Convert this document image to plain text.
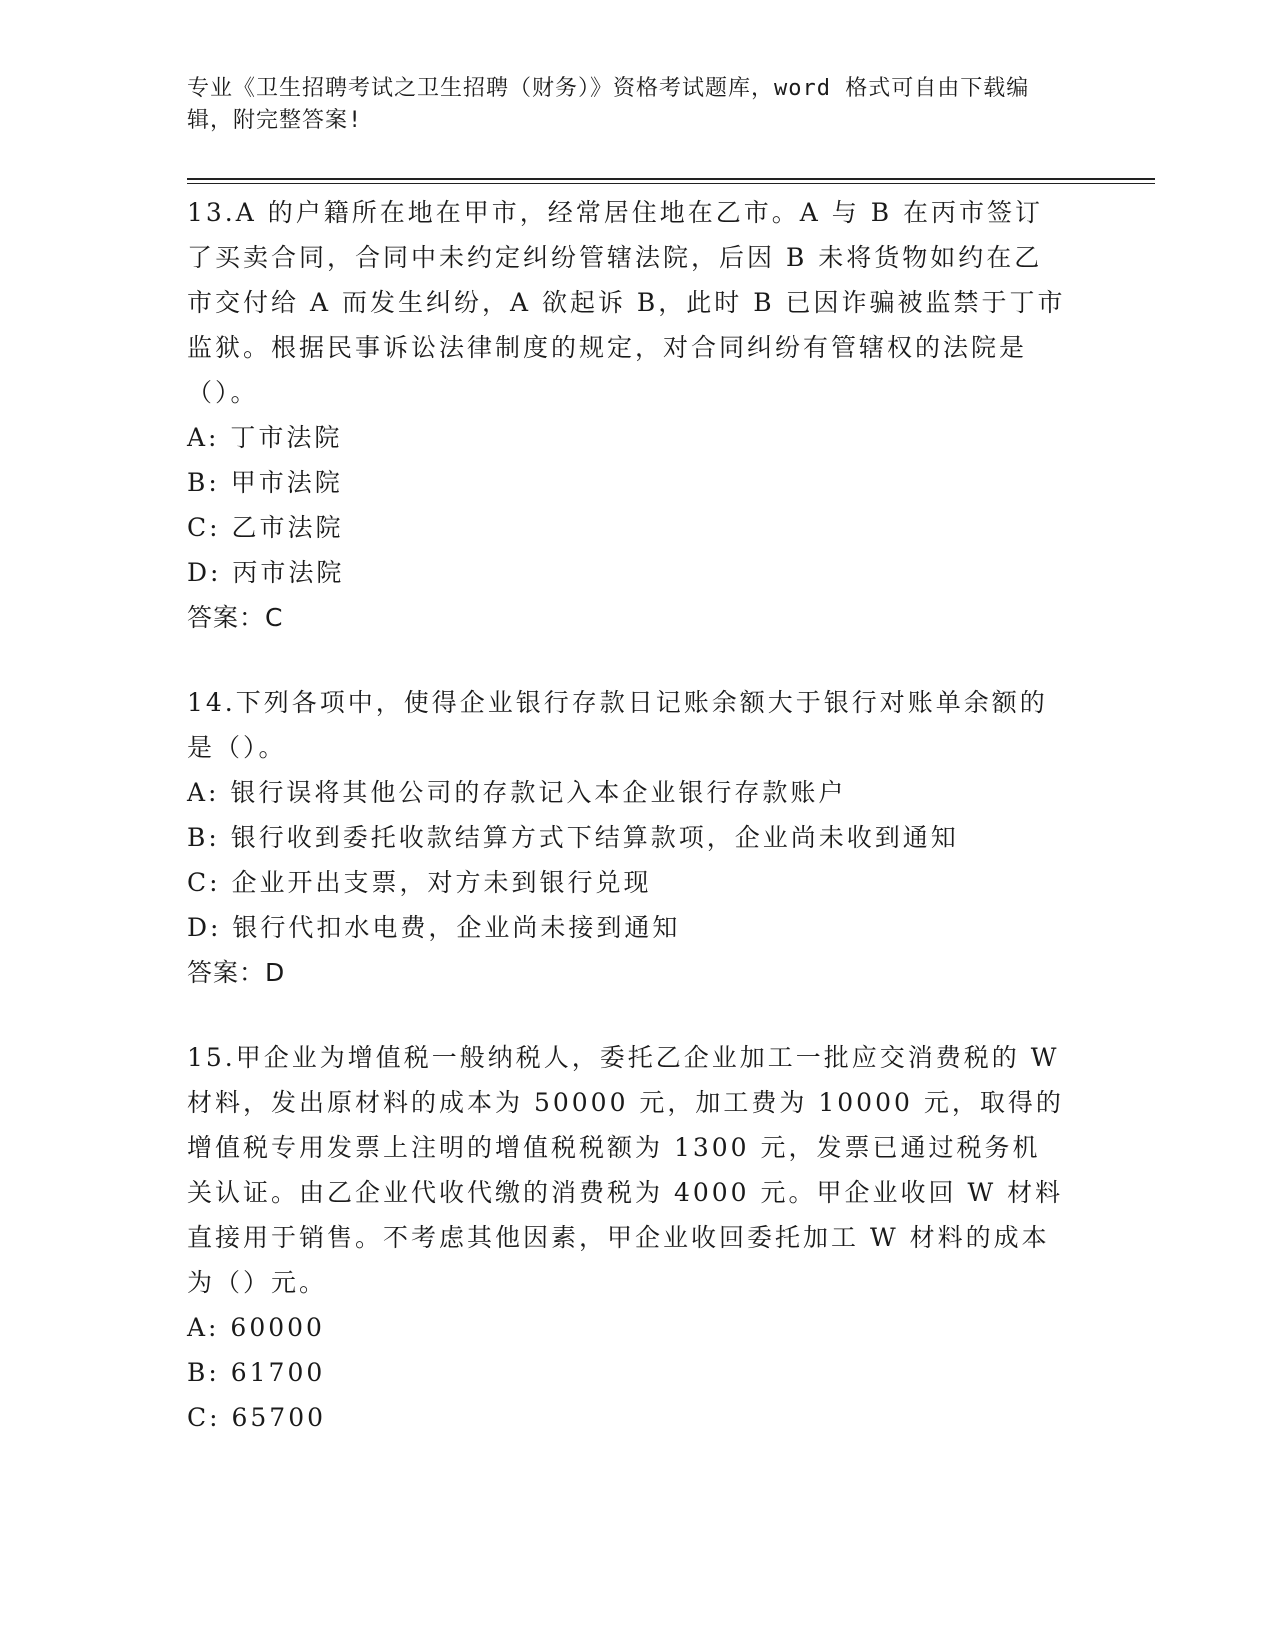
专业《卫生招聘考试之卫生招聘（财务）》资格考试题库，word 格式可自由下载编辑，附完整答案!
13.A 的户籍所在地在甲市，经常居住地在乙市。A 与 B 在丙市签订了买卖合同，合同中未约定纠纷管辖法院，后因 B 未将货物如约在乙市交付给 A 而发生纠纷，A 欲起诉 B，此时 B 已因诈骗被监禁于丁市监狱。根据民事诉讼法律制度的规定，对合同纠纷有管辖权的法院是（）。
A: 丁市法院
B: 甲市法院
C: 乙市法院
D: 丙市法院
答案：C
14.下列各项中，使得企业银行存款日记账余额大于银行对账单余额的是（）。
A: 银行误将其他公司的存款记入本企业银行存款账户
B: 银行收到委托收款结算方式下结算款项，企业尚未收到通知
C: 企业开出支票，对方未到银行兑现
D: 银行代扣水电费，企业尚未接到通知
答案：D
15.甲企业为增值税一般纳税人，委托乙企业加工一批应交消费税的 W 材料，发出原材料的成本为 50000 元，加工费为 10000 元，取得的增值税专用发票上注明的增值税税额为 1300 元，发票已通过税务机关认证。由乙企业代收代缴的消费税为 4000 元。甲企业收回 W 材料直接用于销售。不考虑其他因素，甲企业收回委托加工 W 材料的成本为（）元。
A: 60000
B: 61700
C: 65700
